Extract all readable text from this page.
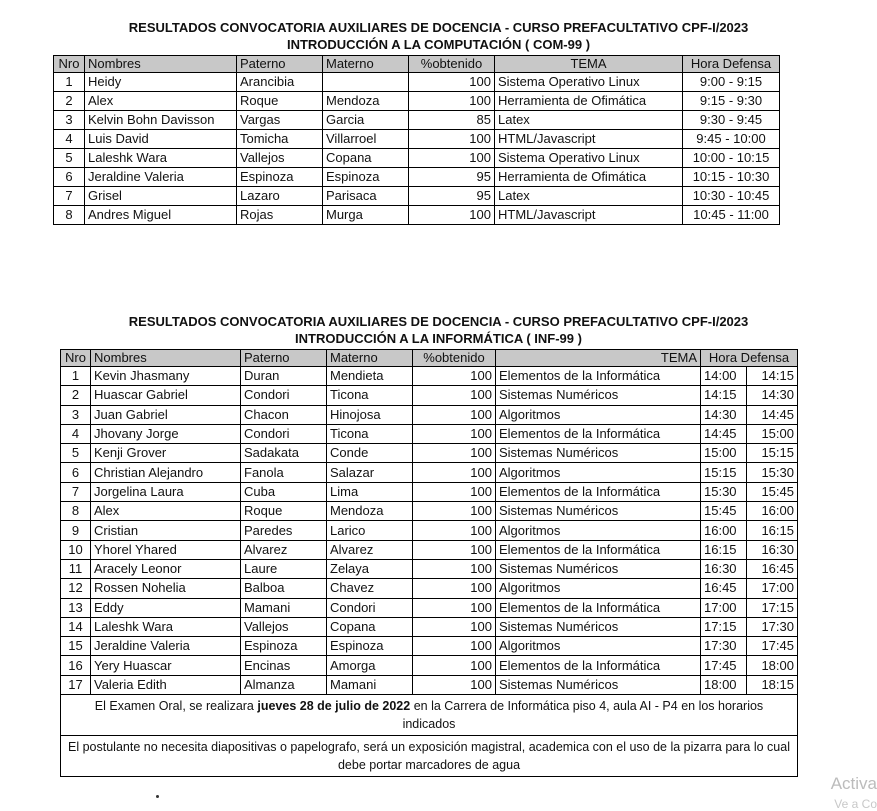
RESULTADOS CONVOCATORIA AUXILIARES DE DOCENCIA - CURSO PREFACULTATIVO CPF-I/2023
INTRODUCCIÓN A LA COMPUTACIÓN ( COM-99 )
Nro	Nombres	Paterno	Materno	%obtenido	TEMA	Hora Defensa
1	Heidy	Arancibia		100	Sistema Operativo Linux	9:00 - 9:15
2	Alex	Roque	Mendoza	100	Herramienta de Ofimática	9:15 - 9:30
3	Kelvin Bohn Davisson	Vargas	Garcia	85	Latex	9:30 - 9:45
4	Luis David	Tomicha	Villarroel	100	HTML/Javascript	9:45 - 10:00
5	Laleshk Wara	Vallejos	Copana	100	Sistema Operativo Linux	10:00 - 10:15
6	Jeraldine Valeria	Espinoza	Espinoza	95	Herramienta de Ofimática	10:15 - 10:30
7	Grisel	Lazaro	Parisaca	95	Latex	10:30 - 10:45
8	Andres Miguel	Rojas	Murga	100	HTML/Javascript	10:45 - 11:00
RESULTADOS CONVOCATORIA AUXILIARES DE DOCENCIA - CURSO PREFACULTATIVO CPF-I/2023
INTRODUCCIÓN A LA INFORMÁTICA ( INF-99 )
Nro	Nombres	Paterno	Materno	%obtenido	TEMA	Hora Defensa	
1	Kevin Jhasmany	Duran	Mendieta	100	Elementos de la Informática	14:00	14:15
2	Huascar Gabriel	Condori	Ticona	100	Sistemas Numéricos	14:15	14:30
3	Juan Gabriel	Chacon	Hinojosa	100	Algoritmos	14:30	14:45
4	Jhovany Jorge	Condori	Ticona	100	Elementos de la Informática	14:45	15:00
5	Kenji Grover	Sadakata	Conde	100	Sistemas Numéricos	15:00	15:15
6	Christian Alejandro	Fanola	Salazar	100	Algoritmos	15:15	15:30
7	Jorgelina Laura	Cuba	Lima	100	Elementos de la Informática	15:30	15:45
8	Alex	Roque	Mendoza	100	Sistemas Numéricos	15:45	16:00
9	Cristian	Paredes	Larico	100	Algoritmos	16:00	16:15
10	Yhorel Yhared	Alvarez	Alvarez	100	Elementos de la Informática	16:15	16:30
11	Aracely Leonor	Laure	Zelaya	100	Sistemas Numéricos	16:30	16:45
12	Rossen Nohelia	Balboa	Chavez	100	Algoritmos	16:45	17:00
13	Eddy	Mamani	Condori	100	Elementos de la Informática	17:00	17:15
14	Laleshk Wara	Vallejos	Copana	100	Sistemas Numéricos	17:15	17:30
15	Jeraldine Valeria	Espinoza	Espinoza	100	Algoritmos	17:30	17:45
16	Yery Huascar	Encinas	Amorga	100	Elementos de la Informática	17:45	18:00
17	Valeria Edith	Almanza	Mamani	100	Sistemas Numéricos	18:00	18:15
El Examen Oral, se realizara jueves 28 de julio de 2022 en la Carrera de Informática piso 4, aula AI - P4 en los horarios indicados							
El postulante no necesita diapositivas o papelografo, será un exposición magistral, academica con el uso de la pizarra para lo cual debe portar marcadores de agua							
Activa
Ve a Co
